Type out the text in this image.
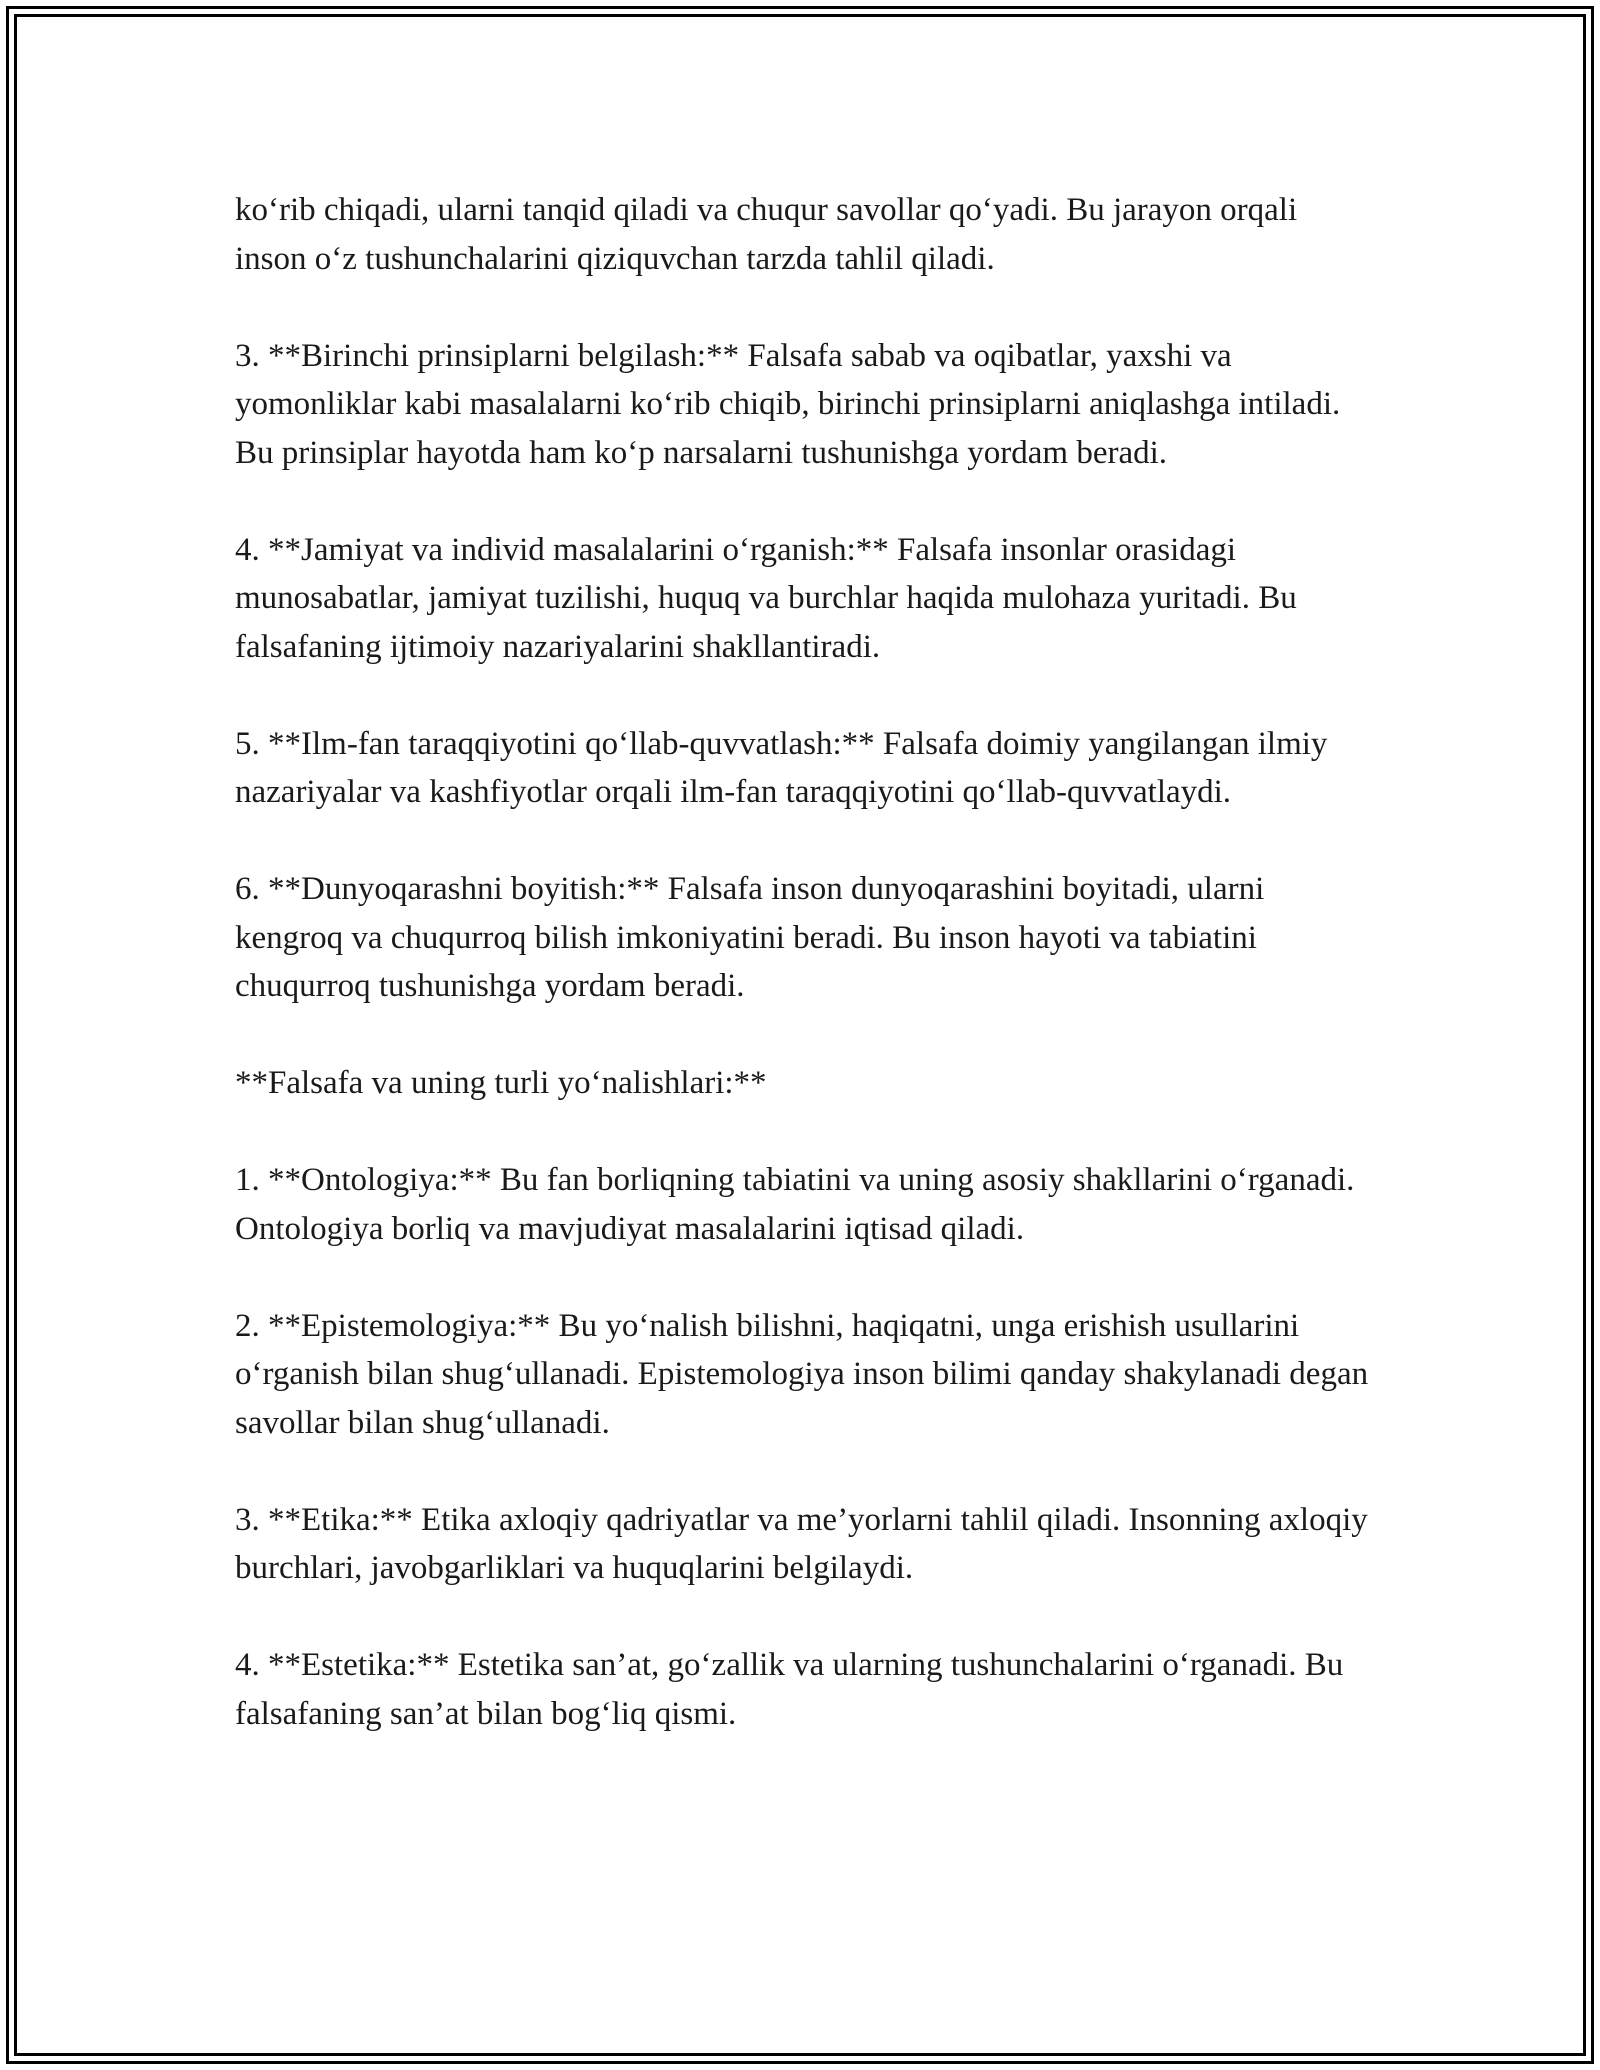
ko‘rib chiqadi, ularni tanqid qiladi va chuqur savollar qo‘yadi. Bu jarayon orqali inson o‘z tushunchalarini qiziquvchan tarzda tahlil qiladi.

3. **Birinchi prinsiplarni belgilash:** Falsafa sabab va oqibatlar, yaxshi va yomonliklar kabi masalalarni ko‘rib chiqib, birinchi prinsiplarni aniqlashga intiladi. Bu prinsiplar hayotda ham ko‘p narsalarni tushunishga yordam beradi.

4. **Jamiyat va individ masalalarini o‘rganish:** Falsafa insonlar orasidagi munosabatlar, jamiyat tuzilishi, huquq va burchlar haqida mulohaza yuritadi. Bu falsafaning ijtimoiy nazariyalarini shakllantiradi.

5. **Ilm-fan taraqqiyotini qo‘llab-quvvatlash:** Falsafa doimiy yangilangan ilmiy nazariyalar va kashfiyotlar orqali ilm-fan taraqqiyotini qo‘llab-quvvatlaydi.

6. **Dunyoqarashni boyitish:** Falsafa inson dunyoqarashini boyitadi, ularni kengroq va chuqurroq bilish imkoniyatini beradi. Bu inson hayoti va tabiatini chuqurroq tushunishga yordam beradi.

**Falsafa va uning turli yo‘nalishlari:**

1. **Ontologiya:** Bu fan borliqning tabiatini va uning asosiy shakllarini o‘rganadi. Ontologiya borliq va mavjudiyat masalalarini iqtisad qiladi.

2. **Epistemologiya:** Bu yo‘nalish bilishni, haqiqatni, unga erishish usullarini o‘rganish bilan shug‘ullanadi. Epistemologiya inson bilimi qanday shakylanadi degan savollar bilan shug‘ullanadi.

3. **Etika:** Etika axloqiy qadriyatlar va me’yorlarni tahlil qiladi. Insonning axloqiy burchlari, javobgarliklari va huquqlarini belgilaydi.

4. **Estetika:** Estetika san’at, go‘zallik va ularning tushunchalarini o‘rganadi. Bu falsafaning san’at bilan bog‘liq qismi.
